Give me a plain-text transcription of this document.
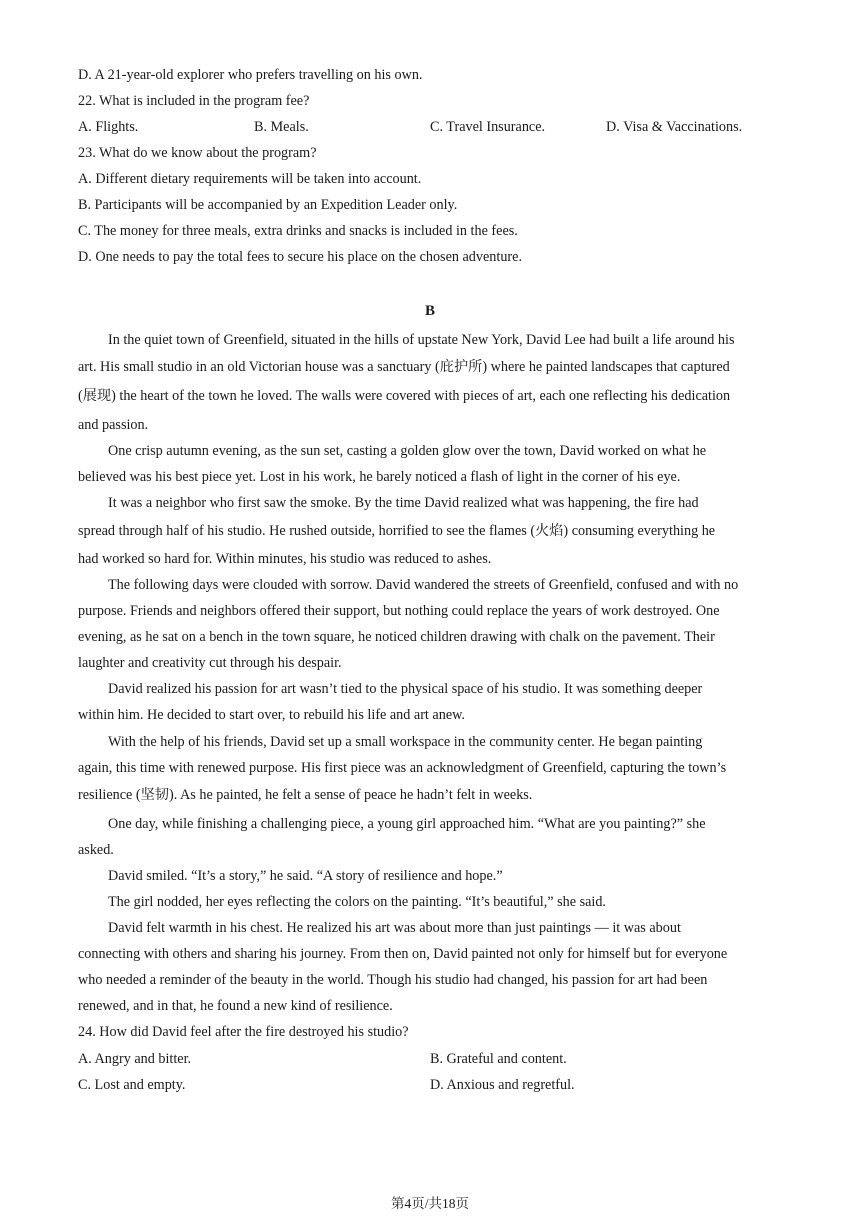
D. A 21-year-old explorer who prefers travelling on his own.
22. What is included in the program fee?
A. Flights.	B. Meals.	C. Travel Insurance.	D. Visa & Vaccinations.
23. What do we know about the program?
A. Different dietary requirements will be taken into account.
B. Participants will be accompanied by an Expedition Leader only.
C. The money for three meals, extra drinks and snacks is included in the fees.
D. One needs to pay the total fees to secure his place on the chosen adventure.
B
In the quiet town of Greenfield, situated in the hills of upstate New York, David Lee had built a life around his
art. His small studio in an old Victorian house was a sanctuary (庇护所) where he painted landscapes that captured
(展现) the heart of the town he loved. The walls were covered with pieces of art, each one reflecting his dedication
and passion.
One crisp autumn evening, as the sun set, casting a golden glow over the town, David worked on what he
believed was his best piece yet. Lost in his work, he barely noticed a flash of light in the corner of his eye.
It was a neighbor who first saw the smoke. By the time David realized what was happening, the fire had
spread through half of his studio. He rushed outside, horrified to see the flames (火焰) consuming everything he
had worked so hard for. Within minutes, his studio was reduced to ashes.
The following days were clouded with sorrow. David wandered the streets of Greenfield, confused and with no
purpose. Friends and neighbors offered their support, but nothing could replace the years of work destroyed. One
evening, as he sat on a bench in the town square, he noticed children drawing with chalk on the pavement. Their
laughter and creativity cut through his despair.
David realized his passion for art wasn’t tied to the physical space of his studio. It was something deeper
within him. He decided to start over, to rebuild his life and art anew.
With the help of his friends, David set up a small workspace in the community center. He began painting
again, this time with renewed purpose. His first piece was an acknowledgment of Greenfield, capturing the town’s
resilience (坚韧). As he painted, he felt a sense of peace he hadn’t felt in weeks.
One day, while finishing a challenging piece, a young girl approached him. “What are you painting?” she
asked.
David smiled. “It’s a story,” he said. “A story of resilience and hope.”
The girl nodded, her eyes reflecting the colors on the painting. “It’s beautiful,” she said.
David felt warmth in his chest. He realized his art was about more than just paintings — it was about
connecting with others and sharing his journey. From then on, David painted not only for himself but for everyone
who needed a reminder of the beauty in the world. Though his studio had changed, his passion for art had been
renewed, and in that, he found a new kind of resilience.
24. How did David feel after the fire destroyed his studio?
A. Angry and bitter.	B. Grateful and content.
C. Lost and empty.	D. Anxious and regretful.
第4页/共18页
